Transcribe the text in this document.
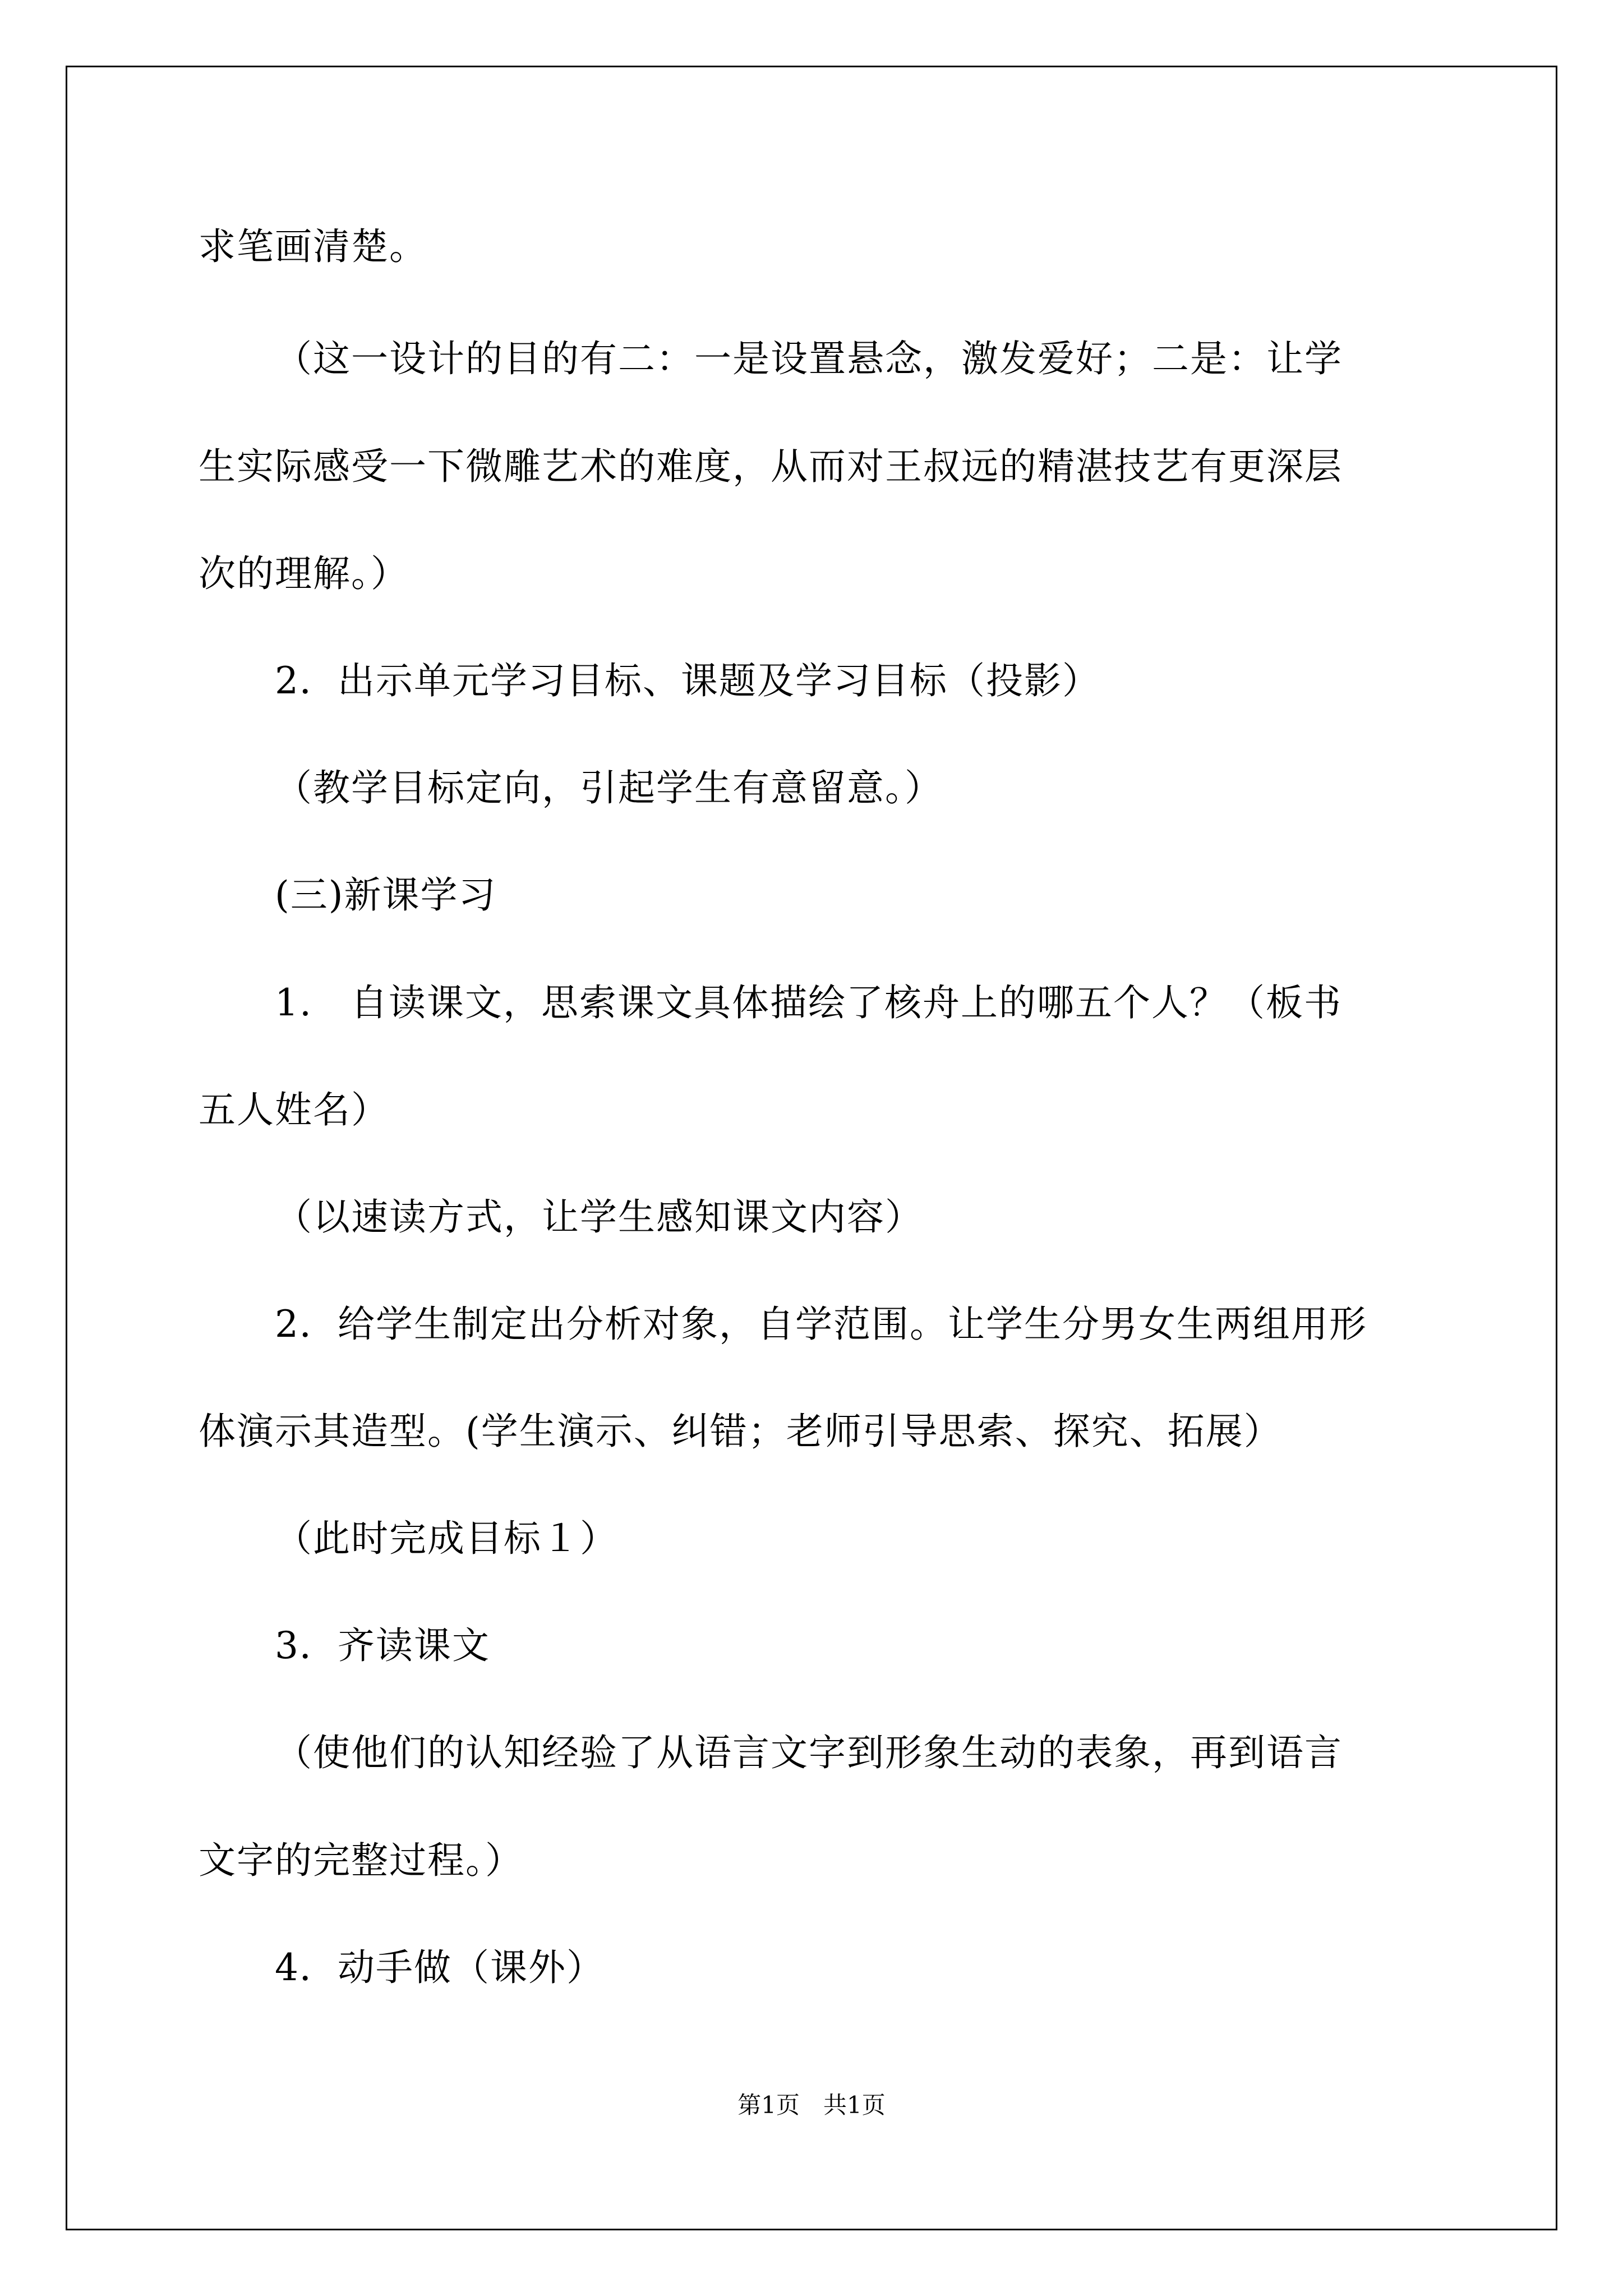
求笔画清楚。
（这一设计的目的有二：一是设置悬念，激发爱好；二是：让学
生实际感受一下微雕艺术的难度，从而对王叔远的精湛技艺有更深层
次的理解。）
2．出示单元学习目标、课题及学习目标（投影）
（教学目标定向，引起学生有意留意。）
(三)新课学习
1.　自读课文，思索课文具体描绘了核舟上的哪五个人？（板书
五人姓名）
（以速读方式，让学生感知课文内容）
2．给学生制定出分析对象，自学范围。让学生分男女生两组用形
体演示其造型。(学生演示、纠错；老师引导思索、探究、拓展）
（此时完成目标１）
3．齐读课文
（使他们的认知经验了从语言文字到形象生动的表象，再到语言
文字的完整过程。）
4．动手做（课外）
第1页　共1页
